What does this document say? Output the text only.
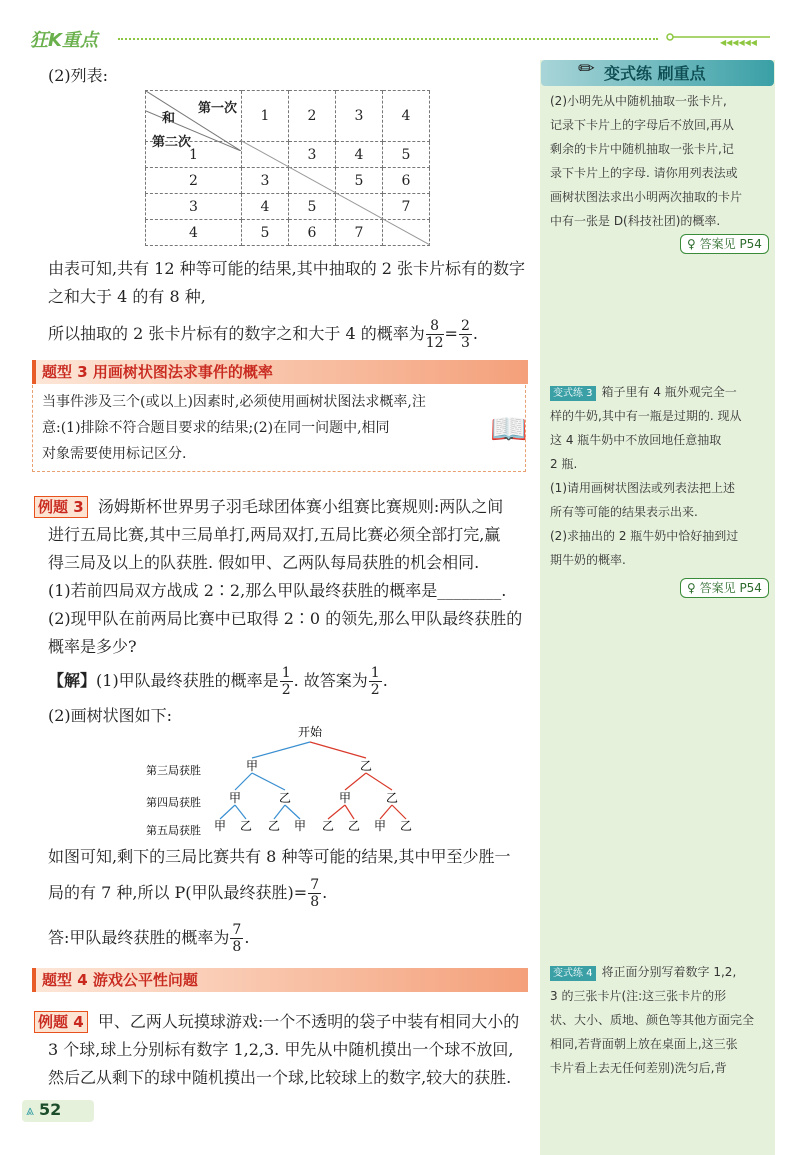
狂K重点	◀◀◀◀◀◀
✏ 变式练 刷重点
(2)小明先从中随机抽取一张卡片,
记录下卡片上的字母后不放回,再从
剩余的卡片中随机抽取一张卡片,记
录下卡片上的字母. 请你用列表法或
画树状图法求出小明两次抽取的卡片
中有一张是 D(科技社团)的概率.
♀ 答案见 P54
变式练 3 箱子里有 4 瓶外观完全一
样的牛奶,其中有一瓶是过期的. 现从
这 4 瓶牛奶中不放回地任意抽取
2 瓶.
(1)请用画树状图法或列表法把上述
所有等可能的结果表示出来.
(2)求抽出的 2 瓶牛奶中恰好抽到过
期牛奶的概率.
♀ 答案见 P54
变式练 4 将正面分别写着数字 1,2,
3 的三张卡片(注:这三张卡片的形
状、大小、质地、颜色等其他方面完全
相同,若背面朝上放在桌面上,这三张
卡片看上去无任何差别)洗匀后,背
(2)列表:
第一次
和
第二次	1	2	3	4

1		3	4	5
2	3		5	6
3	4	5		7
4	5	6	7	
由表可知,共有 12 种等可能的结果,其中抽取的 2 张卡片标有的数字
之和大于 4 的有 8 种,
所以抽取的 2 张卡片标有的数字之和大于 4 的概率为 $\frac{8}{12} = \frac{2}{3}$ .
题型 3 用画树状图法求事件的概率
当事件涉及三个(或以上)因素时,必须使用画树状图法求概率,注
意:(1)排除不符合题目要求的结果;(2)在同一问题中,相同
对象需要使用标记区分.
📖
例题 3 汤姆斯杯世界男子羽毛球团体赛小组赛比赛规则:两队之间
进行五局比赛,其中三局单打,两局双打,五局比赛必须全部打完,赢
得三局及以上的队获胜. 假如甲、乙两队每局获胜的机会相同.
(1)若前四局双方战成 2∶2,那么甲队最终获胜的概率是________.
(2)现甲队在前两局比赛中已取得 2∶0 的领先,那么甲队最终获胜的
概率是多少?
【解】(1)甲队最终获胜的概率是 $\frac{1}{2}$ . 故答案为 $\frac{1}{2}$ .
(2)画树状图如下:
开始
第三局获胜
第四局获胜
第五局获胜
甲	乙
甲	乙	甲	乙
甲 乙 乙 甲 乙 乙 甲 乙
如图可知,剩下的三局比赛共有 8 种等可能的结果,其中甲至少胜一
局的有 7 种,所以 P(甲队最终获胜)= $\frac{7}{8}$ .
答:甲队最终获胜的概率为 $\frac{7}{8}$ .
题型 4 游戏公平性问题
例题 4 甲、乙两人玩摸球游戏:一个不透明的袋子中装有相同大小的
3 个球,球上分别标有数字 1,2,3. 甲先从中随机摸出一个球不放回,
然后乙从剩下的球中随机摸出一个球,比较球上的数字,较大的获胜.
⩓ 52
